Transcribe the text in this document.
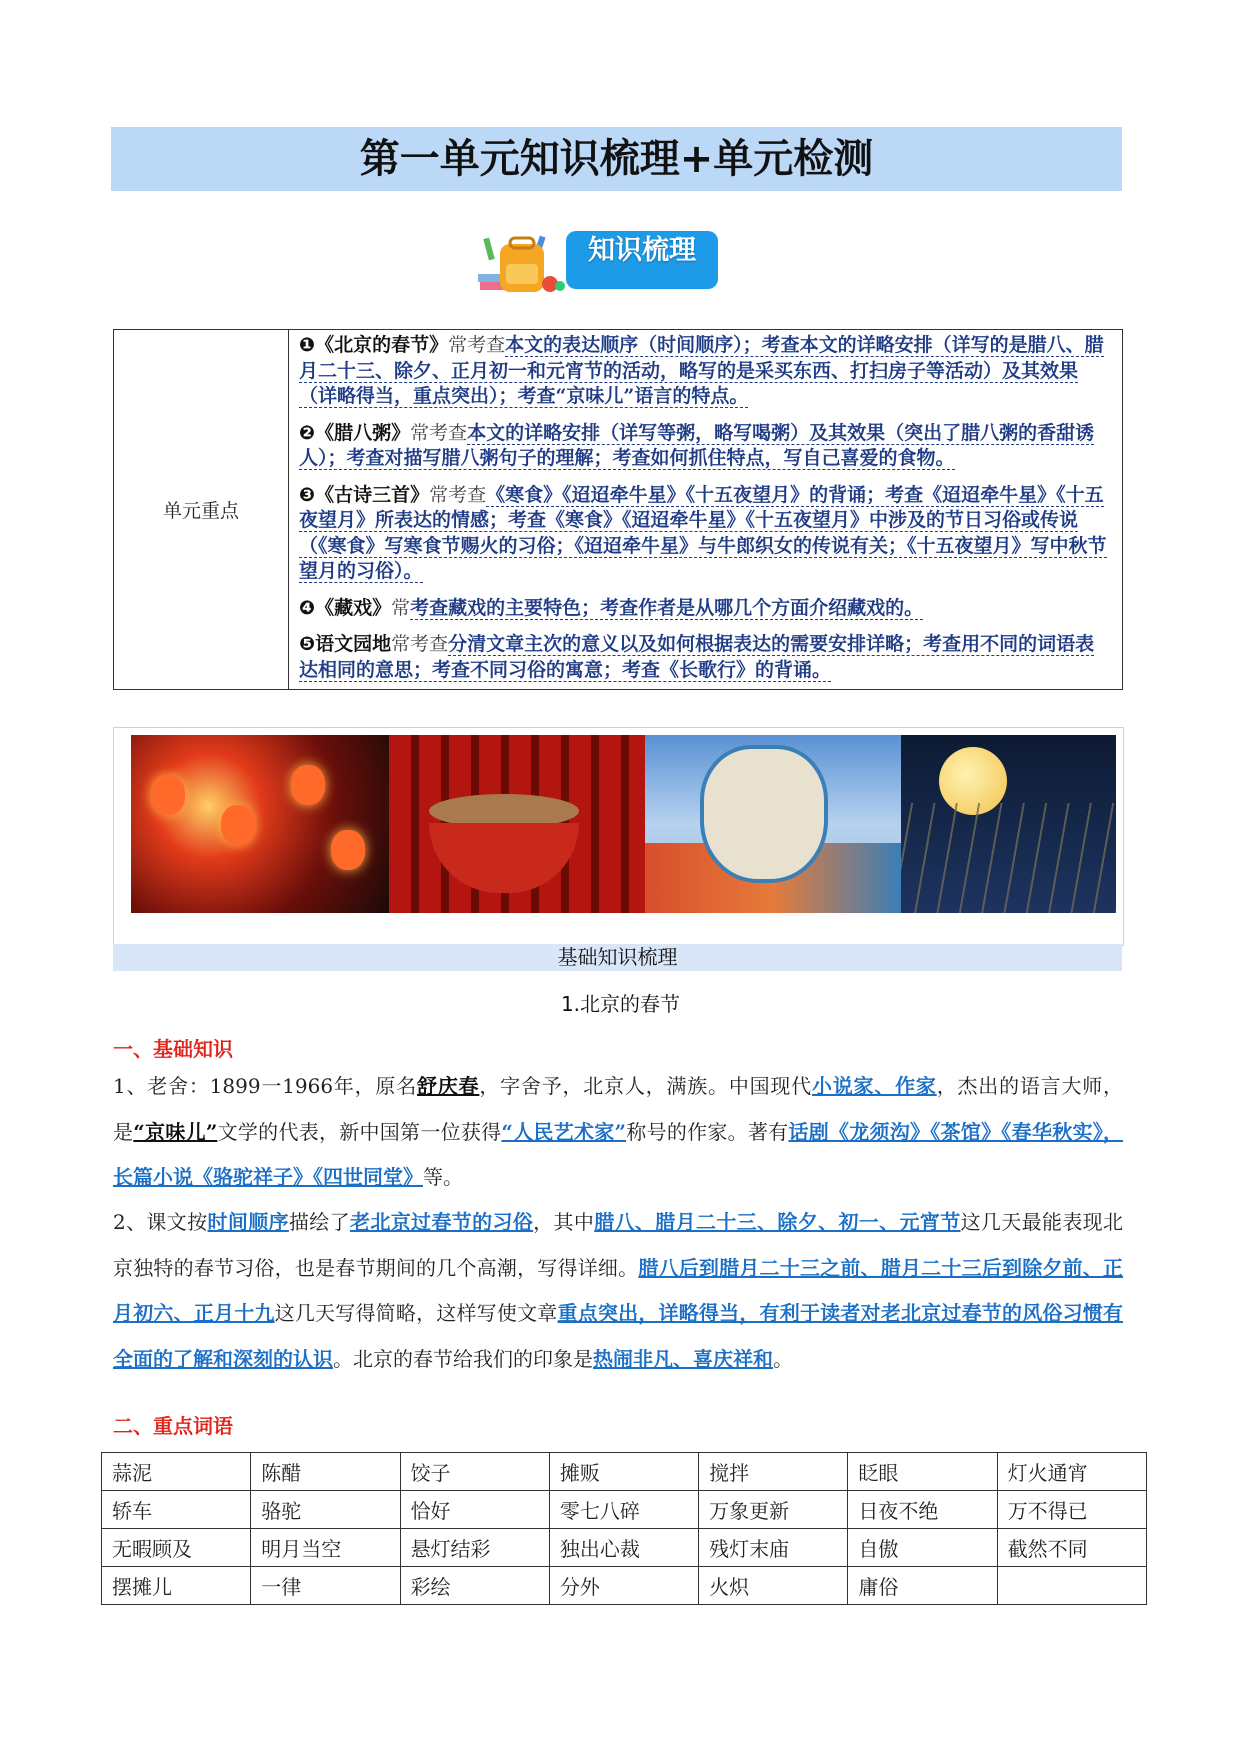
第一单元知识梳理+单元检测
知识梳理
单元重点	

❶《北京的春节》常考查本文的表达顺序（时间顺序）；考查本文的详略安排（详写的是腊八、腊月二十三、除夕、正月初一和元宵节的活动，略写的是采买东西、打扫房子等活动）及其效果（详略得当，重点突出）；考查“京味儿”语言的特点。

❷《腊八粥》常考查本文的详略安排（详写等粥，略写喝粥）及其效果（突出了腊八粥的香甜诱人）；考查对描写腊八粥句子的理解；考查如何抓住特点，写自己喜爱的食物。

❸《古诗三首》常考查《寒食》《迢迢牵牛星》《十五夜望月》的背诵；考查《迢迢牵牛星》《十五夜望月》所表达的情感；考查《寒食》《迢迢牵牛星》《十五夜望月》中涉及的节日习俗或传说（《寒食》写寒食节赐火的习俗；《迢迢牵牛星》与牛郎织女的传说有关；《十五夜望月》写中秋节望月的习俗）。

❹《藏戏》常考查藏戏的主要特色；考查作者是从哪几个方面介绍藏戏的。

❺语文园地常考查分清文章主次的意义以及如何根据表达的需要安排详略；考查用不同的词语表达相同的意思；考查不同习俗的寓意；考查《长歌行》的背诵。

基础知识梳理
1.北京的春节
一、基础知识
1、老舍：1899一1966年，原名舒庆春，字舍予，北京人，满族。中国现代小说家、作家，杰出的语言大师，是“京味儿”文学的代表，新中国第一位获得“人民艺术家”称号的作家。著有话剧《龙须沟》《茶馆》《春华秋实》，长篇小说《骆驼祥子》《四世同堂》等。
2、课文按时间顺序描绘了老北京过春节的习俗，其中腊八、腊月二十三、除夕、初一、元宵节这几天最能表现北京独特的春节习俗，也是春节期间的几个高潮，写得详细。腊八后到腊月二十三之前、腊月二十三后到除夕前、正月初六、正月十九这几天写得简略，这样写使文章重点突出，详略得当，有利于读者对老北京过春节的风俗习惯有全面的了解和深刻的认识。北京的春节给我们的印象是热闹非凡、喜庆祥和。
二、重点词语
蒜泥	陈醋	饺子	摊贩	搅拌	眨眼	灯火通宵
轿车	骆驼	恰好	零七八碎	万象更新	日夜不绝	万不得已
无暇顾及	明月当空	悬灯结彩	独出心裁	残灯末庙	自傲	截然不同
摆摊儿	一律	彩绘	分外	火炽	庸俗	
